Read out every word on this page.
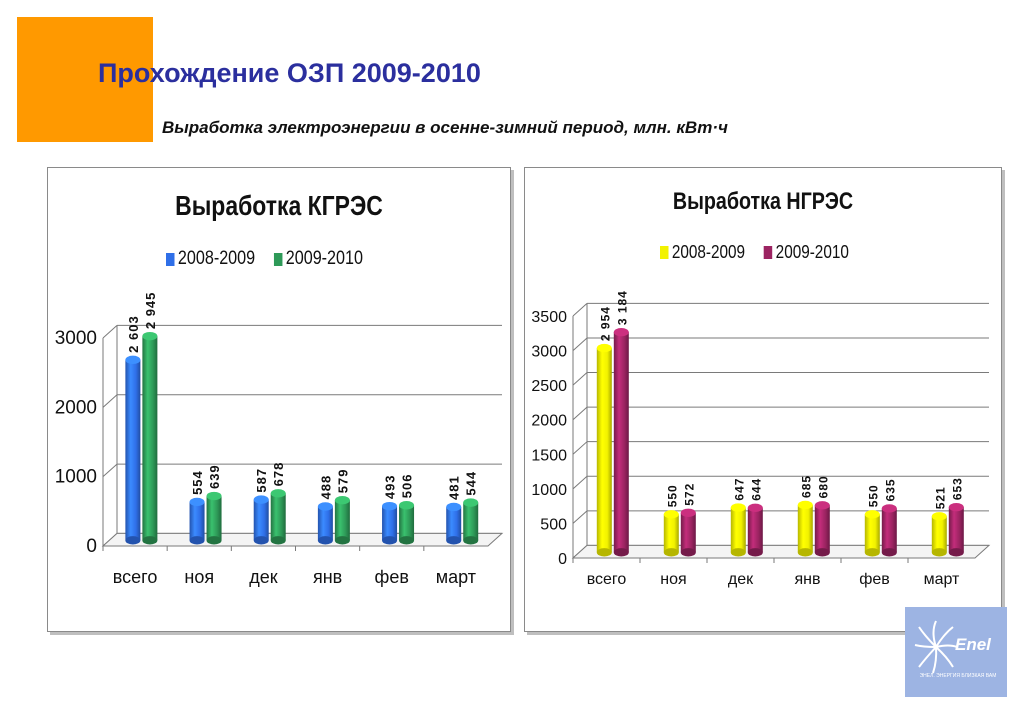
Прохождение ОЗП 2009-2010
Выработка электроэнергии в осенне-зимний период, млн. кВт·ч
Выработка КГРЭС
2008-2009 2009-2010
0
1000
2000
3000
всего
2 603
2 945
ноя
554 639
дек
587 678
янв
488 579
фев
493 506
март
481 544
Выработка НГРЭС
2008-2009 2009-2010
0
500
1000
1500
2000
2500
3000
3500
всего
2 954 3 184
ноя
550 572
дек
647 644
янв
685 680
фев
550 635
март
521 653
Enel
ЭНЕЛ. ЭНЕРГИЯ БЛИЗКАЯ ВАМ
